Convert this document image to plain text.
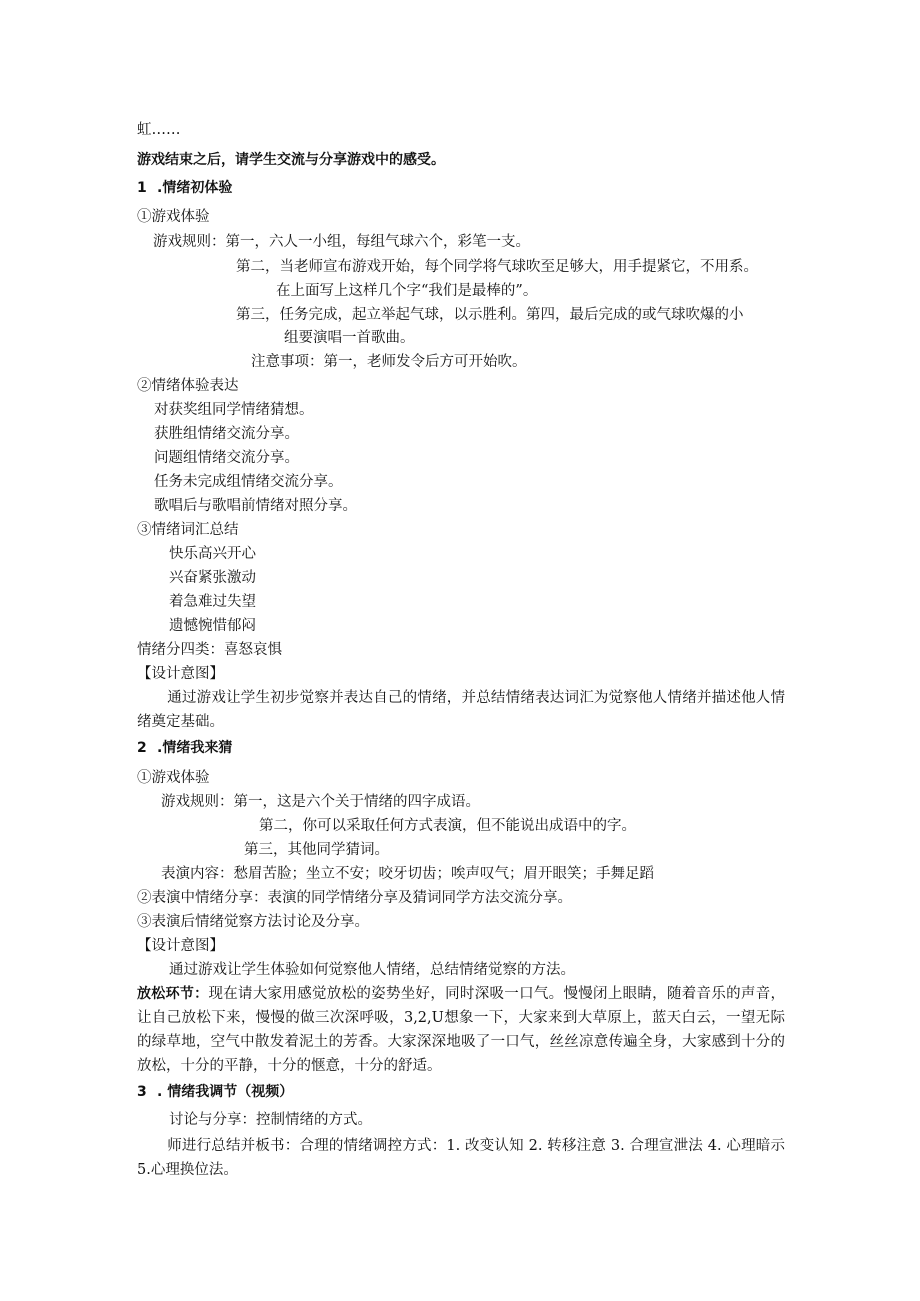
虹……
游戏结束之后，请学生交流与分享游戏中的感受。
1 .情绪初体验
①游戏体验
游戏规则：第一，六人一小组，每组气球六个，彩笔一支。
第二，当老师宣布游戏开始，每个同学将气球吹至足够大，用手提紧它，不用系。
在上面写上这样几个字“我们是最棒的”。
第三，任务完成，起立举起气球，以示胜利。第四，最后完成的或气球吹爆的小
组要演唱一首歌曲。
注意事项：第一，老师发令后方可开始吹。
②情绪体验表达
对获奖组同学情绪猜想。
获胜组情绪交流分享。
问题组情绪交流分享。
任务未完成组情绪交流分享。
歌唱后与歌唱前情绪对照分享。
③情绪词汇总结
快乐高兴开心
兴奋紧张激动
着急难过失望
遗憾惋惜郁闷
情绪分四类：喜怒哀惧
【设计意图】
通过游戏让学生初步觉察并表达自己的情绪，并总结情绪表达词汇为觉察他人情绪并描述他人情绪奠定基础。
2 .情绪我来猜
①游戏体验
游戏规则：第一，这是六个关于情绪的四字成语。
第二，你可以采取任何方式表演，但不能说出成语中的字。
第三，其他同学猜词。
表演内容：愁眉苦脸；坐立不安；咬牙切齿；唉声叹气；眉开眼笑；手舞足蹈
②表演中情绪分享：表演的同学情绪分享及猜词同学方法交流分享。
③表演后情绪觉察方法讨论及分享。
【设计意图】
通过游戏让学生体验如何觉察他人情绪，总结情绪觉察的方法。
放松环节：现在请大家用感觉放松的姿势坐好，同时深吸一口气。慢慢闭上眼睛，随着音乐的声音，让自己放松下来，慢慢的做三次深呼吸，3,2,U想象一下，大家来到大草原上，蓝天白云，一望无际的绿草地，空气中散发着泥土的芳香。大家深深地吸了一口气，丝丝凉意传遍全身，大家感到十分的放松，十分的平静，十分的惬意，十分的舒适。
3 . 情绪我调节（视频）
讨论与分享：控制情绪的方式。
师进行总结并板书：合理的情绪调控方式：1. 改变认知 2. 转移注意 3. 合理宣泄法 4. 心理暗示 5.心理换位法。
